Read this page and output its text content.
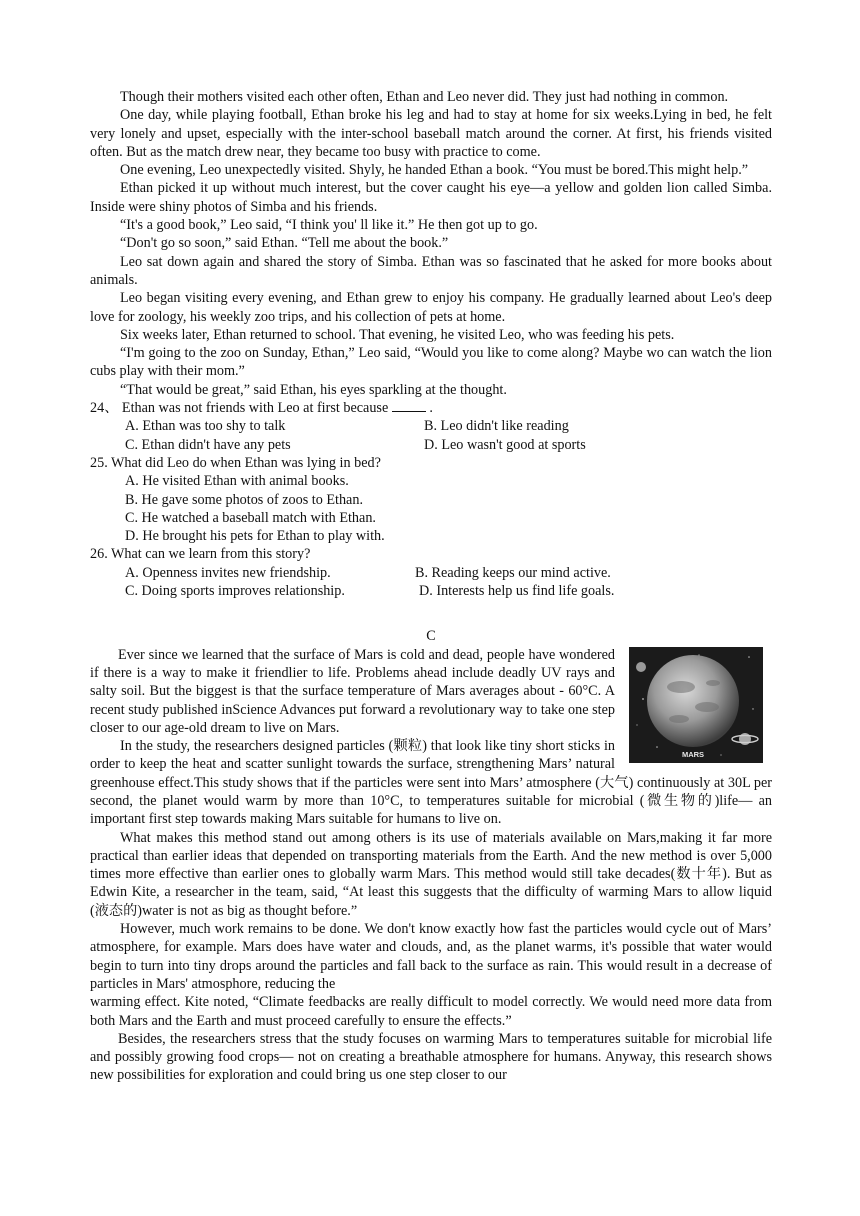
Though their mothers visited each other often, Ethan and Leo never did. They just had nothing in common.

One day, while playing football, Ethan broke his leg and had to stay at home for six weeks.Lying in bed, he felt very lonely and upset, especially with the inter-school baseball match around the corner. At first, his friends visited often. But as the match drew near, they became too busy with practice to come.

One evening, Leo unexpectedly visited. Shyly, he handed Ethan a book. “You must be bored.This might help.”

Ethan picked it up without much interest, but the cover caught his eye—a yellow and golden lion called Simba. Inside were shiny photos of Simba and his friends.

“It's a good book,” Leo said, “I think you' ll like it.” He then got up to go.

“Don't go so soon,” said Ethan. “Tell me about the book.”

Leo sat down again and shared the story of Simba. Ethan was so fascinated that he asked for more books about animals.

Leo began visiting every evening, and Ethan grew to enjoy his company. He gradually learned about Leo's deep love for zoology, his weekly zoo trips, and his collection of pets at home.

Six weeks later, Ethan returned to school. That evening, he visited Leo, who was feeding his pets.

“I'm going to the zoo on Sunday, Ethan,” Leo said, “Would you like to come along? Maybe wo can watch the lion cubs play with their mom.”

“That would be great,” said Ethan, his eyes sparkling at the thought.

24、 Ethan was not friends with Leo at first because	.

A. Ethan was too shy to talk	B. Leo didn't like reading
C. Ethan didn't have any pets	D. Leo wasn't good at sports

25. What did Leo do when Ethan was lying in bed?

A. He visited Ethan with animal books.

B. He gave some photos of zoos to Ethan.

C. He watched a baseball match with Ethan.

D. He brought his pets for Ethan to play with.

26. What can we learn from this story?

A. Openness invites new friendship.	B. Reading keeps our mind active.
C. Doing sports improves relationship.	D. Interests help us find life goals.

C

MARS

Ever since we learned that the surface of Mars is cold and dead, people have wondered if there is a way to make it friendlier to life. Problems ahead include deadly UV rays and salty soil. But the biggest is that the surface temperature of Mars averages about - 60°C. A recent study published inScience Advances put forward a revolutionary way to take one step closer to our age-old dream to live on Mars.

In the study, the researchers designed particles (颗粒) that look like tiny short sticks in order to keep the heat and scatter sunlight towards the surface, strengthening Mars’ natural greenhouse effect.This study shows that if the particles were sent into Mars’ atmosphere (大气) continuously at 30L per second, the planet would warm by more than 10°C, to temperatures suitable for microbial (微生物的)life— an important first step towards making Mars suitable for humans to live on.

What makes this method stand out among others is its use of materials available on Mars,making it far more practical than earlier ideas that depended on transporting materials from the Earth. And the new method is over 5,000 times more effective than earlier ones to globally warm Mars. This method would still take decades(数十年). But as Edwin Kite, a researcher in the team, said, “At least this suggests that the difficulty of warming Mars to allow liquid (液态的)water is not as big as thought before.”

However, much work remains to be done. We don't know exactly how fast the particles would cycle out of Mars’ atmosphere, for example. Mars does have water and clouds, and, as the planet warms, it's possible that water would begin to turn into tiny drops around the particles and fall back to the surface as rain. This would result in a decrease of particles in Mars' atmosphore, reducing the

warming effect. Kite noted, “Climate feedbacks are really difficult to model correctly. We would need more data from both Mars and the Earth and must proceed carefully to ensure the effects.”

Besides, the researchers stress that the study focuses on warming Mars to temperatures suitable for microbial life and possibly growing food crops— not on creating a breathable atmosphere for humans. Anyway, this research shows new possibilities for exploration and could bring us one step closer to our
